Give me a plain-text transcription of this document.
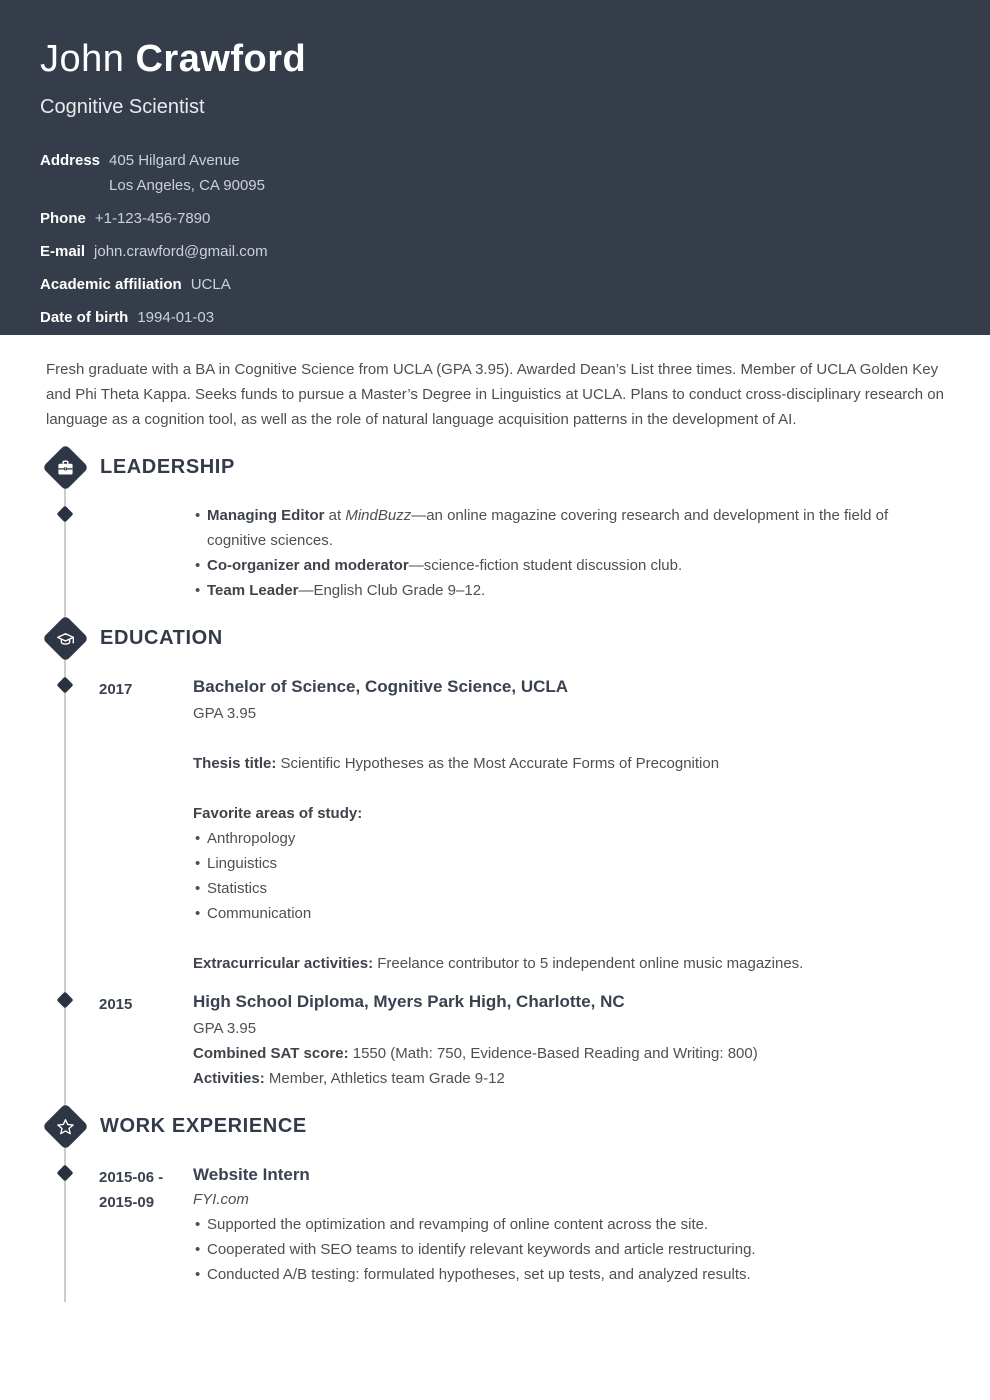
John Crawford
Cognitive Scientist
Address 405 Hilgard Avenue
Los Angeles, CA 90095
Phone +1-123-456-7890
E-mail john.crawford@gmail.com
Academic affiliation UCLA
Date of birth 1994-01-03
Fresh graduate with a BA in Cognitive Science from UCLA (GPA 3.95). Awarded Dean’s List three times. Member of UCLA Golden Key and Phi Theta Kappa. Seeks funds to pursue a Master’s Degree in Linguistics at UCLA. Plans to conduct cross-disciplinary research on language as a cognition tool, as well as the role of natural language acquisition patterns in the development of AI.
LEADERSHIP
• Managing Editor at MindBuzz—an online magazine covering research and development in the field of cognitive sciences.
• Co-organizer and moderator—science-fiction student discussion club.
• Team Leader—English Club Grade 9–12.
EDUCATION
2017	Bachelor of Science, Cognitive Science, UCLA
GPA 3.95
Thesis title: Scientific Hypotheses as the Most Accurate Forms of Precognition
Favorite areas of study:
• Anthropology
• Linguistics
• Statistics
• Communication
Extracurricular activities: Freelance contributor to 5 independent online music magazines.
2015	High School Diploma, Myers Park High, Charlotte, NC
GPA 3.95
Combined SAT score: 1550 (Math: 750, Evidence-Based Reading and Writing: 800)
Activities: Member, Athletics team Grade 9-12
WORK EXPERIENCE
2015-06 -
2015-09
Website Intern
FYI.com
• Supported the optimization and revamping of online content across the site.
• Cooperated with SEO teams to identify relevant keywords and article restructuring.
• Conducted A/B testing: formulated hypotheses, set up tests, and analyzed results.
